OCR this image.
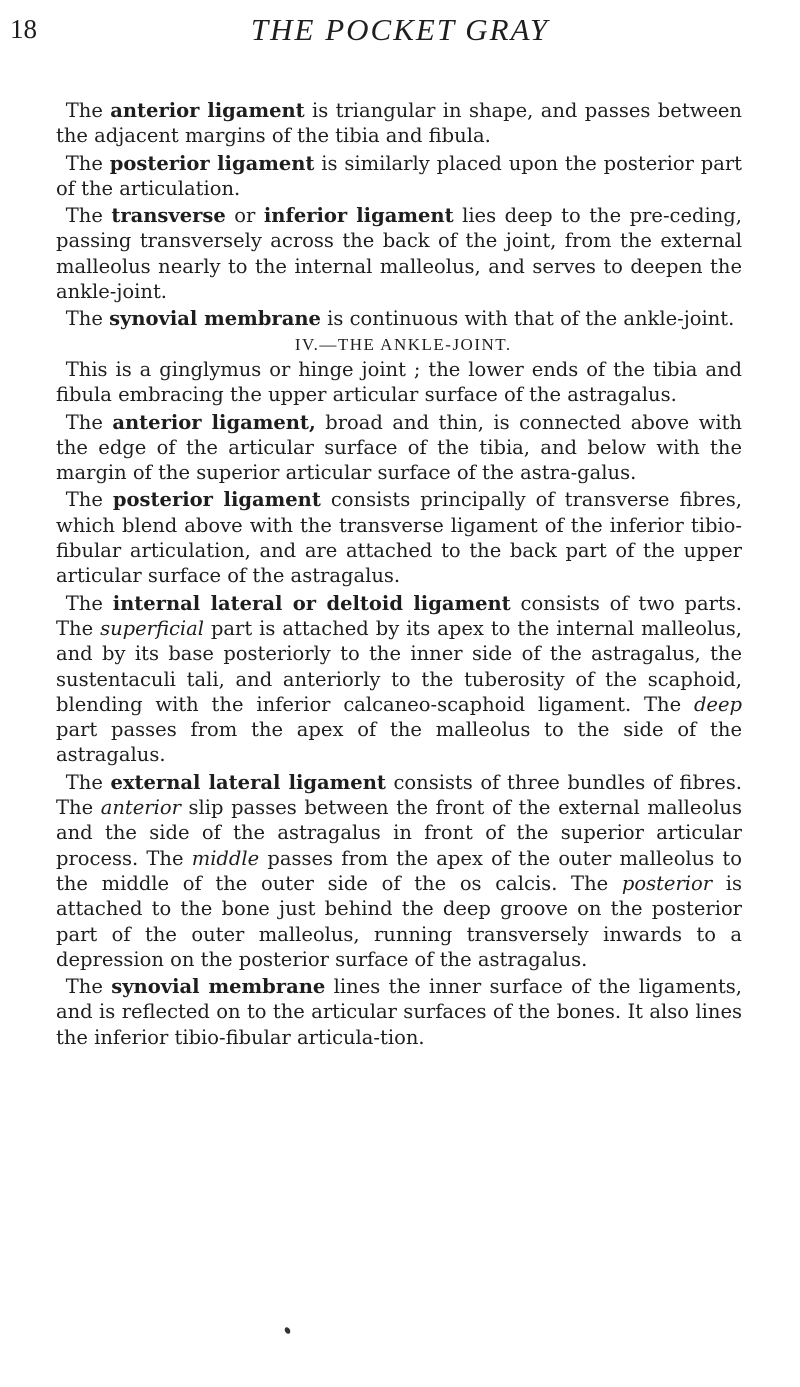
18	THE POCKET GRAY

The anterior ligament is triangular in shape, and passes between the adjacent margins of the tibia and fibula.

The posterior ligament is similarly placed upon the posterior part of the articulation.

The transverse or inferior ligament lies deep to the pre-ceding, passing transversely across the back of the joint, from the external malleolus nearly to the internal malleolus, and serves to deepen the ankle-joint.

The synovial membrane is continuous with that of the ankle-joint.

IV.—THE ANKLE-JOINT.

This is a ginglymus or hinge joint ; the lower ends of the tibia and fibula embracing the upper articular surface of the astragalus.

The anterior ligament, broad and thin, is connected above with the edge of the articular surface of the tibia, and below with the margin of the superior articular surface of the astra-galus.

The posterior ligament consists principally of transverse fibres, which blend above with the transverse ligament of the inferior tibio-fibular articulation, and are attached to the back part of the upper articular surface of the astragalus.

The internal lateral or deltoid ligament consists of two parts. The superficial part is attached by its apex to the internal malleolus, and by its base posteriorly to the inner side of the astragalus, the sustentaculi tali, and anteriorly to the tuberosity of the scaphoid, blending with the inferior calcaneo-scaphoid ligament. The deep part passes from the apex of the malleolus to the side of the astragalus.

The external lateral ligament consists of three bundles of fibres. The anterior slip passes between the front of the external malleolus and the side of the astragalus in front of the superior articular process. The middle passes from the apex of the outer malleolus to the middle of the outer side of the os calcis. The posterior is attached to the bone just behind the deep groove on the posterior part of the outer malleolus, running transversely inwards to a depression on the posterior surface of the astragalus.

The synovial membrane lines the inner surface of the ligaments, and is reflected on to the articular surfaces of the bones. It also lines the inferior tibio-fibular articula-tion.
